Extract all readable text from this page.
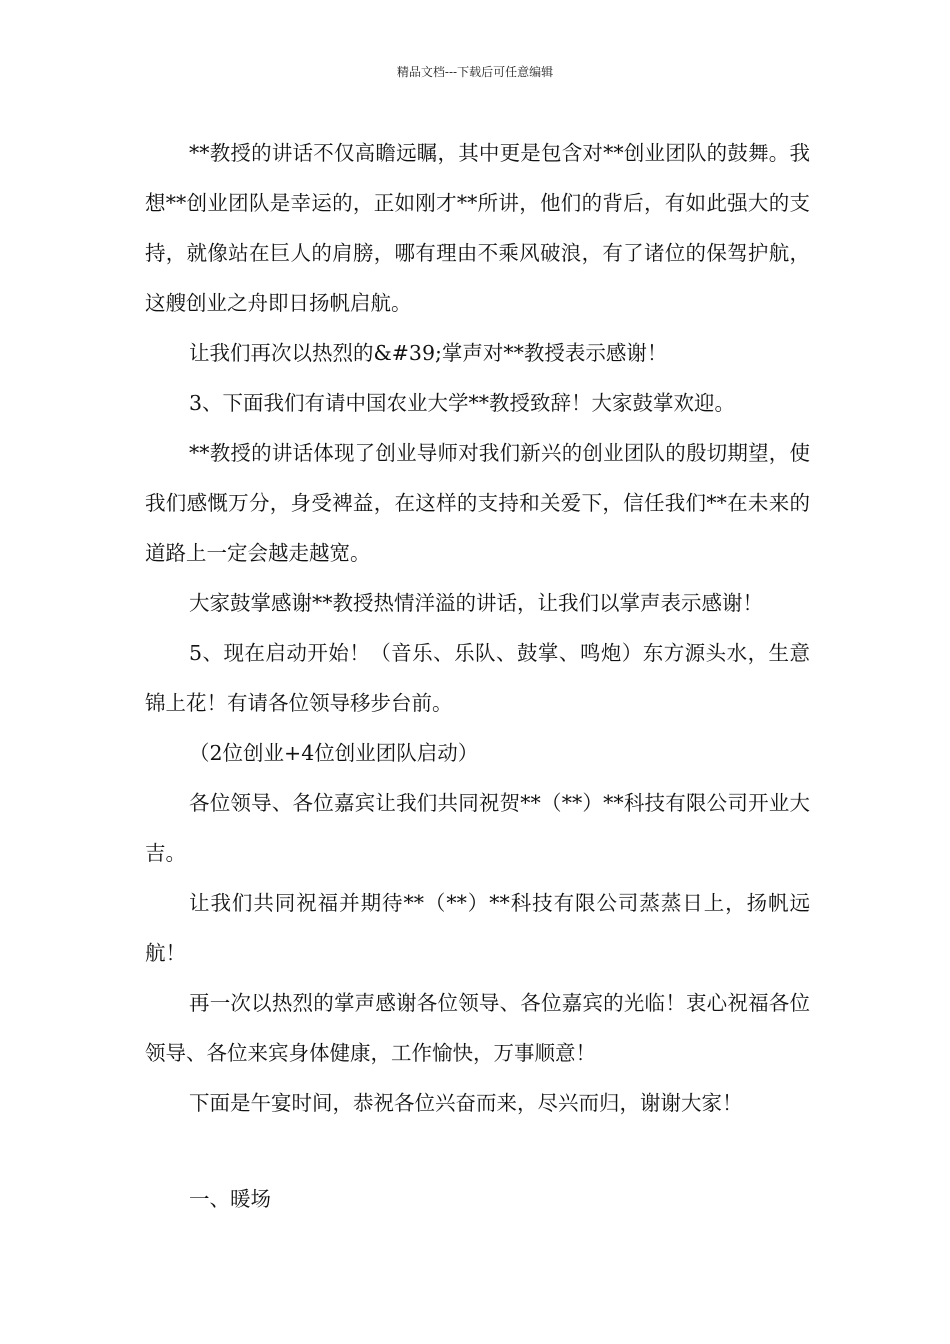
精品文档---下载后可任意编辑

**教授的讲话不仅高瞻远瞩，其中更是包含对**创业团队的鼓舞。我想**创业团队是幸运的，正如刚才**所讲，他们的背后，有如此强大的支持，就像站在巨人的肩膀，哪有理由不乘风破浪，有了诸位的保驾护航，这艘创业之舟即日扬帆启航。

让我们再次以热烈的&#39;掌声对**教授表示感谢！

3、下面我们有请中国农业大学**教授致辞！大家鼓掌欢迎。

**教授的讲话体现了创业导师对我们新兴的创业团队的殷切期望，使我们感慨万分，身受裨益，在这样的支持和关爱下，信任我们**在未来的道路上一定会越走越宽。

大家鼓掌感谢**教授热情洋溢的讲话，让我们以掌声表示感谢！

5、现在启动开始！（音乐、乐队、鼓掌、鸣炮）东方源头水，生意锦上花！有请各位领导移步台前。

（2位创业+4位创业团队启动）

各位领导、各位嘉宾让我们共同祝贺**（**）**科技有限公司开业大吉。

让我们共同祝福并期待**（**）**科技有限公司蒸蒸日上，扬帆远航！

再一次以热烈的掌声感谢各位领导、各位嘉宾的光临！衷心祝福各位领导、各位来宾身体健康，工作愉快，万事顺意！

下面是午宴时间，恭祝各位兴奋而来，尽兴而归，谢谢大家！

一、暖场
